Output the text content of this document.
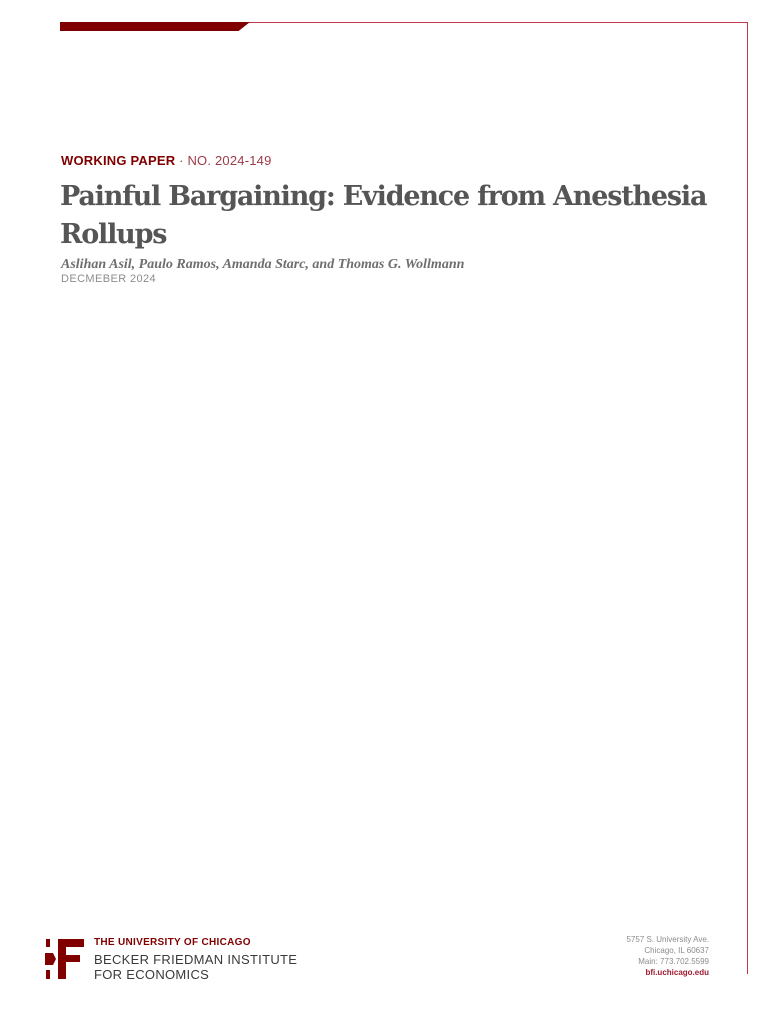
WORKING PAPER · NO. 2024-149
Painful Bargaining: Evidence from Anesthesia Rollups

Aslihan Asil, Paulo Ramos, Amanda Starc, and Thomas G. Wollmann

DECMEBER 2024
THE UNIVERSITY OF CHICAGO
BECKER FRIEDMAN INSTITUTE
FOR ECONOMICS
5757 S. University Ave.
Chicago, IL 60637
Main: 773.702.5599
bfi.uchicago.edu
